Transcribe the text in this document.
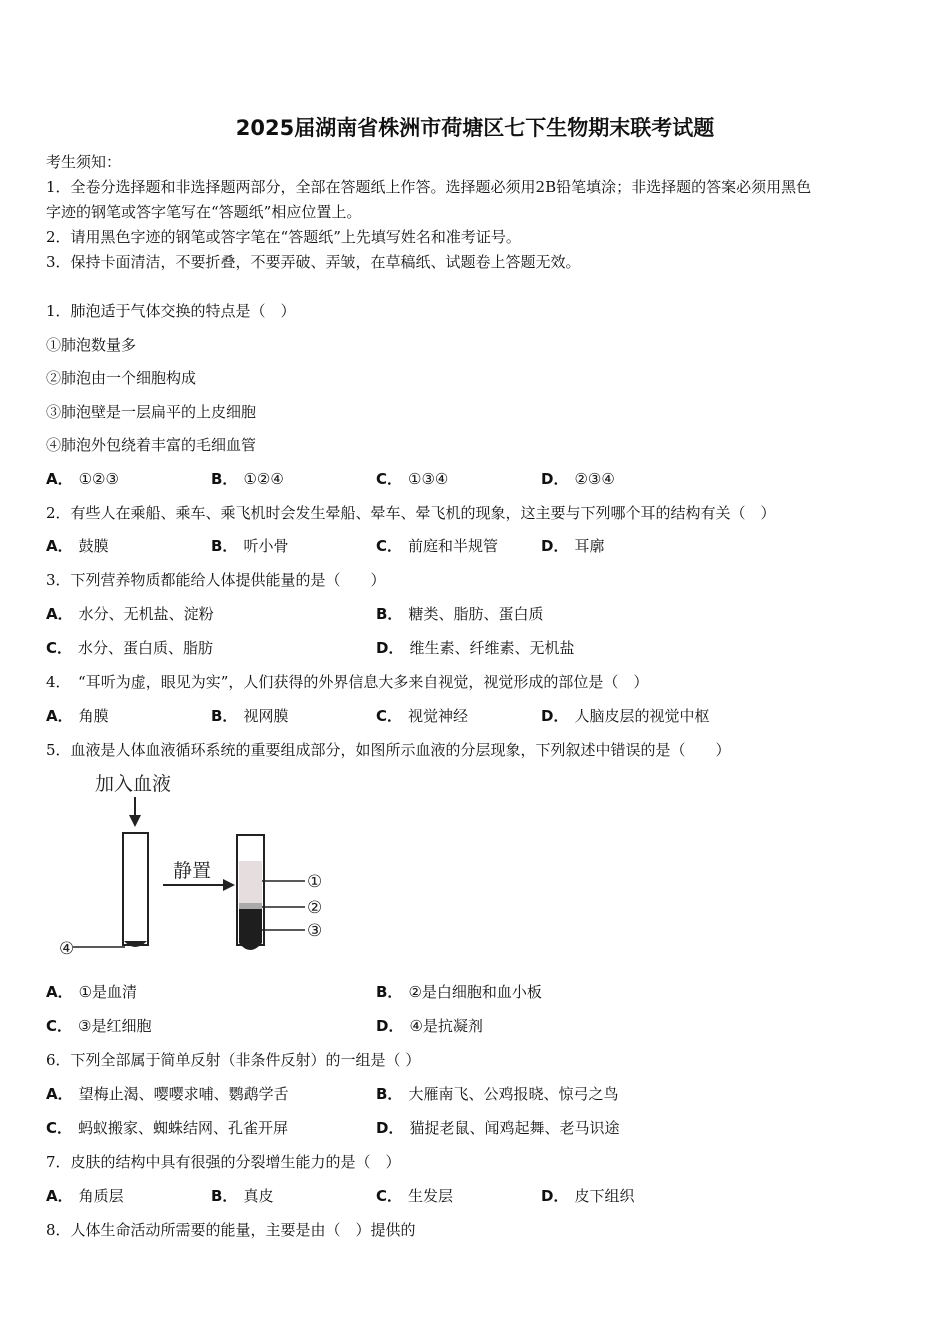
2025届湖南省株洲市荷塘区七下生物期末联考试题
考生须知：
1．全卷分选择题和非选择题两部分，全部在答题纸上作答。选择题必须用2B铅笔填涂；非选择题的答案必须用黑色
字迹的钢笔或答字笔写在“答题纸”相应位置上。
2．请用黑色字迹的钢笔或答字笔在“答题纸”上先填写姓名和准考证号。
3．保持卡面清洁，不要折叠，不要弄破、弄皱，在草稿纸、试题卷上答题无效。
1．肺泡适于气体交换的特点是（　）
①肺泡数量多
②肺泡由一个细胞构成
③肺泡壁是一层扁平的上皮细胞
④肺泡外包绕着丰富的毛细血管
A． ①②③	B． ①②④	C． ①③④	D． ②③④
2．有些人在乘船、乘车、乘飞机时会发生晕船、晕车、晕飞机的现象，这主要与下列哪个耳的结构有关（　）
A． 鼓膜	B． 听小骨	C． 前庭和半规管	D． 耳廓
3．下列营养物质都能给人体提供能量的是（　　）
A． 水分、无机盐、淀粉	B． 糖类、脂肪、蛋白质
C． 水分、蛋白质、脂肪	D． 维生素、纤维素、无机盐
4．　“耳听为虚，眼见为实”，人们获得的外界信息大多来自视觉，视觉形成的部位是（　）
A． 角膜	B． 视网膜	C． 视觉神经	D． 人脑皮层的视觉中枢
5．血液是人体血液循环系统的重要组成部分，如图所示血液的分层现象，下列叙述中错误的是（　　）
加入血液
④
静置	①
②
③
A． ①是血清	B． ②是白细胞和血小板
C． ③是红细胞	D． ④是抗凝剂
6．下列全部属于简单反射（非条件反射）的一组是（ ）
A． 望梅止渴、嘤嘤求哺、鹦鹉学舌	B． 大雁南飞、公鸡报晓、惊弓之鸟
C． 蚂蚁搬家、蜘蛛结网、孔雀开屏	D． 猫捉老鼠、闻鸡起舞、老马识途
7．皮肤的结构中具有很强的分裂增生能力的是（　）
A． 角质层	B． 真皮	C． 生发层	D． 皮下组织
8．人体生命活动所需要的能量，主要是由（　）提供的
